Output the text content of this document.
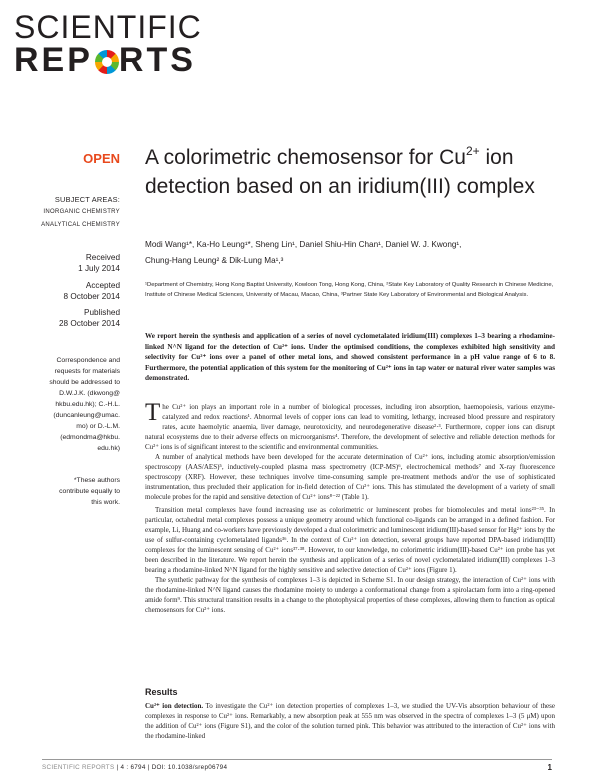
SCIENTIFIC
REP RTS
OPEN
SUBJECT AREAS:
INORGANIC CHEMISTRY
ANALYTICAL CHEMISTRY
Received
1 July 2014
Accepted
8 October 2014
Published
28 October 2014
Correspondence and
requests for materials
should be addressed to
D.W.J.K. (dkwong@
hkbu.edu.hk); C.-H.L.
(duncanleung@umac.
mo) or D.-L.M.
(edmondma@hkbu.
edu.hk)
*These authors
contribute equally to
this work.
A colorimetric chemosensor for $Cu^{2+}$ ion detection based on an iridium(III) complex
Modi Wang¹*, Ka-Ho Leung¹*, Sheng Lin¹, Daniel Shiu-Hin Chan¹, Daniel W. J. Kwong¹,
Chung-Hang Leung² & Dik-Lung Ma¹,³
¹Department of Chemistry, Hong Kong Baptist University, Kowloon Tong, Hong Kong, China, ²State Key Laboratory of Quality Research in Chinese Medicine, Institute of Chinese Medical Sciences, University of Macau, Macao, China, ³Partner State Key Laboratory of Environmental and Biological Analysis.
We report herein the synthesis and application of a series of novel cyclometalated iridium(III) complexes 1–3 bearing a rhodamine-linked N^N ligand for the detection of Cu²⁺ ions. Under the optimised conditions, the complexes exhibited high sensitivity and selectivity for Cu²⁺ ions over a panel of other metal ions, and showed consistent performance in a pH value range of 6 to 8. Furthermore, the potential application of this system for the monitoring of Cu²⁺ ions in tap water or natural river water samples was demonstrated.

The Cu²⁺ ion plays an important role in a number of biological processes, including iron absorption, haemopoiesis, various enzyme-catalyzed and redox reactions¹. Abnormal levels of copper ions can lead to vomiting, lethargy, increased blood pressure and respiratory rates, acute haemolytic anaemia, liver damage, neurotoxicity, and neurodegenerative disease²·³. Furthermore, copper ions can disrupt natural ecosystems due to their adverse effects on microorganisms⁴. Therefore, the development of selective and reliable detection methods for Cu²⁺ ions is of significant interest to the scientific and environmental communities.

A number of analytical methods have been developed for the accurate determination of Cu²⁺ ions, including atomic absorption/emission spectroscopy (AAS/AES)⁵, inductively-coupled plasma mass spectrometry (ICP-MS)⁶, electrochemical methods⁷ and X-ray fluorescence spectroscopy (XRF). However, these techniques involve time-consuming sample pre-treatment methods and/or the use of sophisticated instrumentation, thus precluded their application for in-field detection of Cu²⁺ ions. This has stimulated the development of a variety of small molecule probes for the rapid and sensitive detection of Cu²⁺ ions⁸⁻²² (Table 1).

Transition metal complexes have found increasing use as colorimetric or luminescent probes for biomolecules and metal ions²³⁻³⁵. In particular, octahedral metal complexes possess a unique geometry around which functional co-ligands can be arranged in a defined fashion. For example, Li, Huang and co-workers have previously developed a dual colorimetric and luminescent iridium(III)-based sensor for Hg²⁺ ions by the use of sulfur-containing cyclometalated ligands³⁶. In the context of Cu²⁺ ion detection, several groups have reported DPA-based iridium(III) complexes for the luminescent sensing of Cu²⁺ ions³⁷·³⁸. However, to our knowledge, no colorimetric iridium(III)-based Cu²⁺ ion probe has yet been described in the literature. We report herein the synthesis and application of a series of novel cyclometalated iridium(III) complexes 1–3 bearing a rhodamine-linked N^N ligand for the highly sensitive and selective detection of Cu²⁺ ions (Figure 1).

The synthetic pathway for the synthesis of complexes 1–3 is depicted in Scheme S1. In our design strategy, the interaction of Cu²⁺ ions with the rhodamine-linked N^N ligand causes the rhodamine moiety to undergo a conformational change from a spirolactam form into a ring-opened amide form⁹. This structural transition results in a change to the photophysical properties of these complexes, allowing them to function as optical chemosensors for Cu²⁺ ions.

Results

Cu²⁺ ion detection. To investigate the Cu²⁺ ion detection properties of complexes 1–3, we studied the UV-Vis absorption behaviour of these complexes in response to Cu²⁺ ions. Remarkably, a new absorption peak at 555 nm was observed in the spectra of complexes 1–3 (5 μM) upon the addition of Cu²⁺ ions (Figure S1), and the color of the solution turned pink. This behavior was attributed to the interaction of Cu²⁺ ions with the rhodamine-linked

SCIENTIFIC REPORTS | 4 : 6794 | DOI: 10.1038/srep06794	1
